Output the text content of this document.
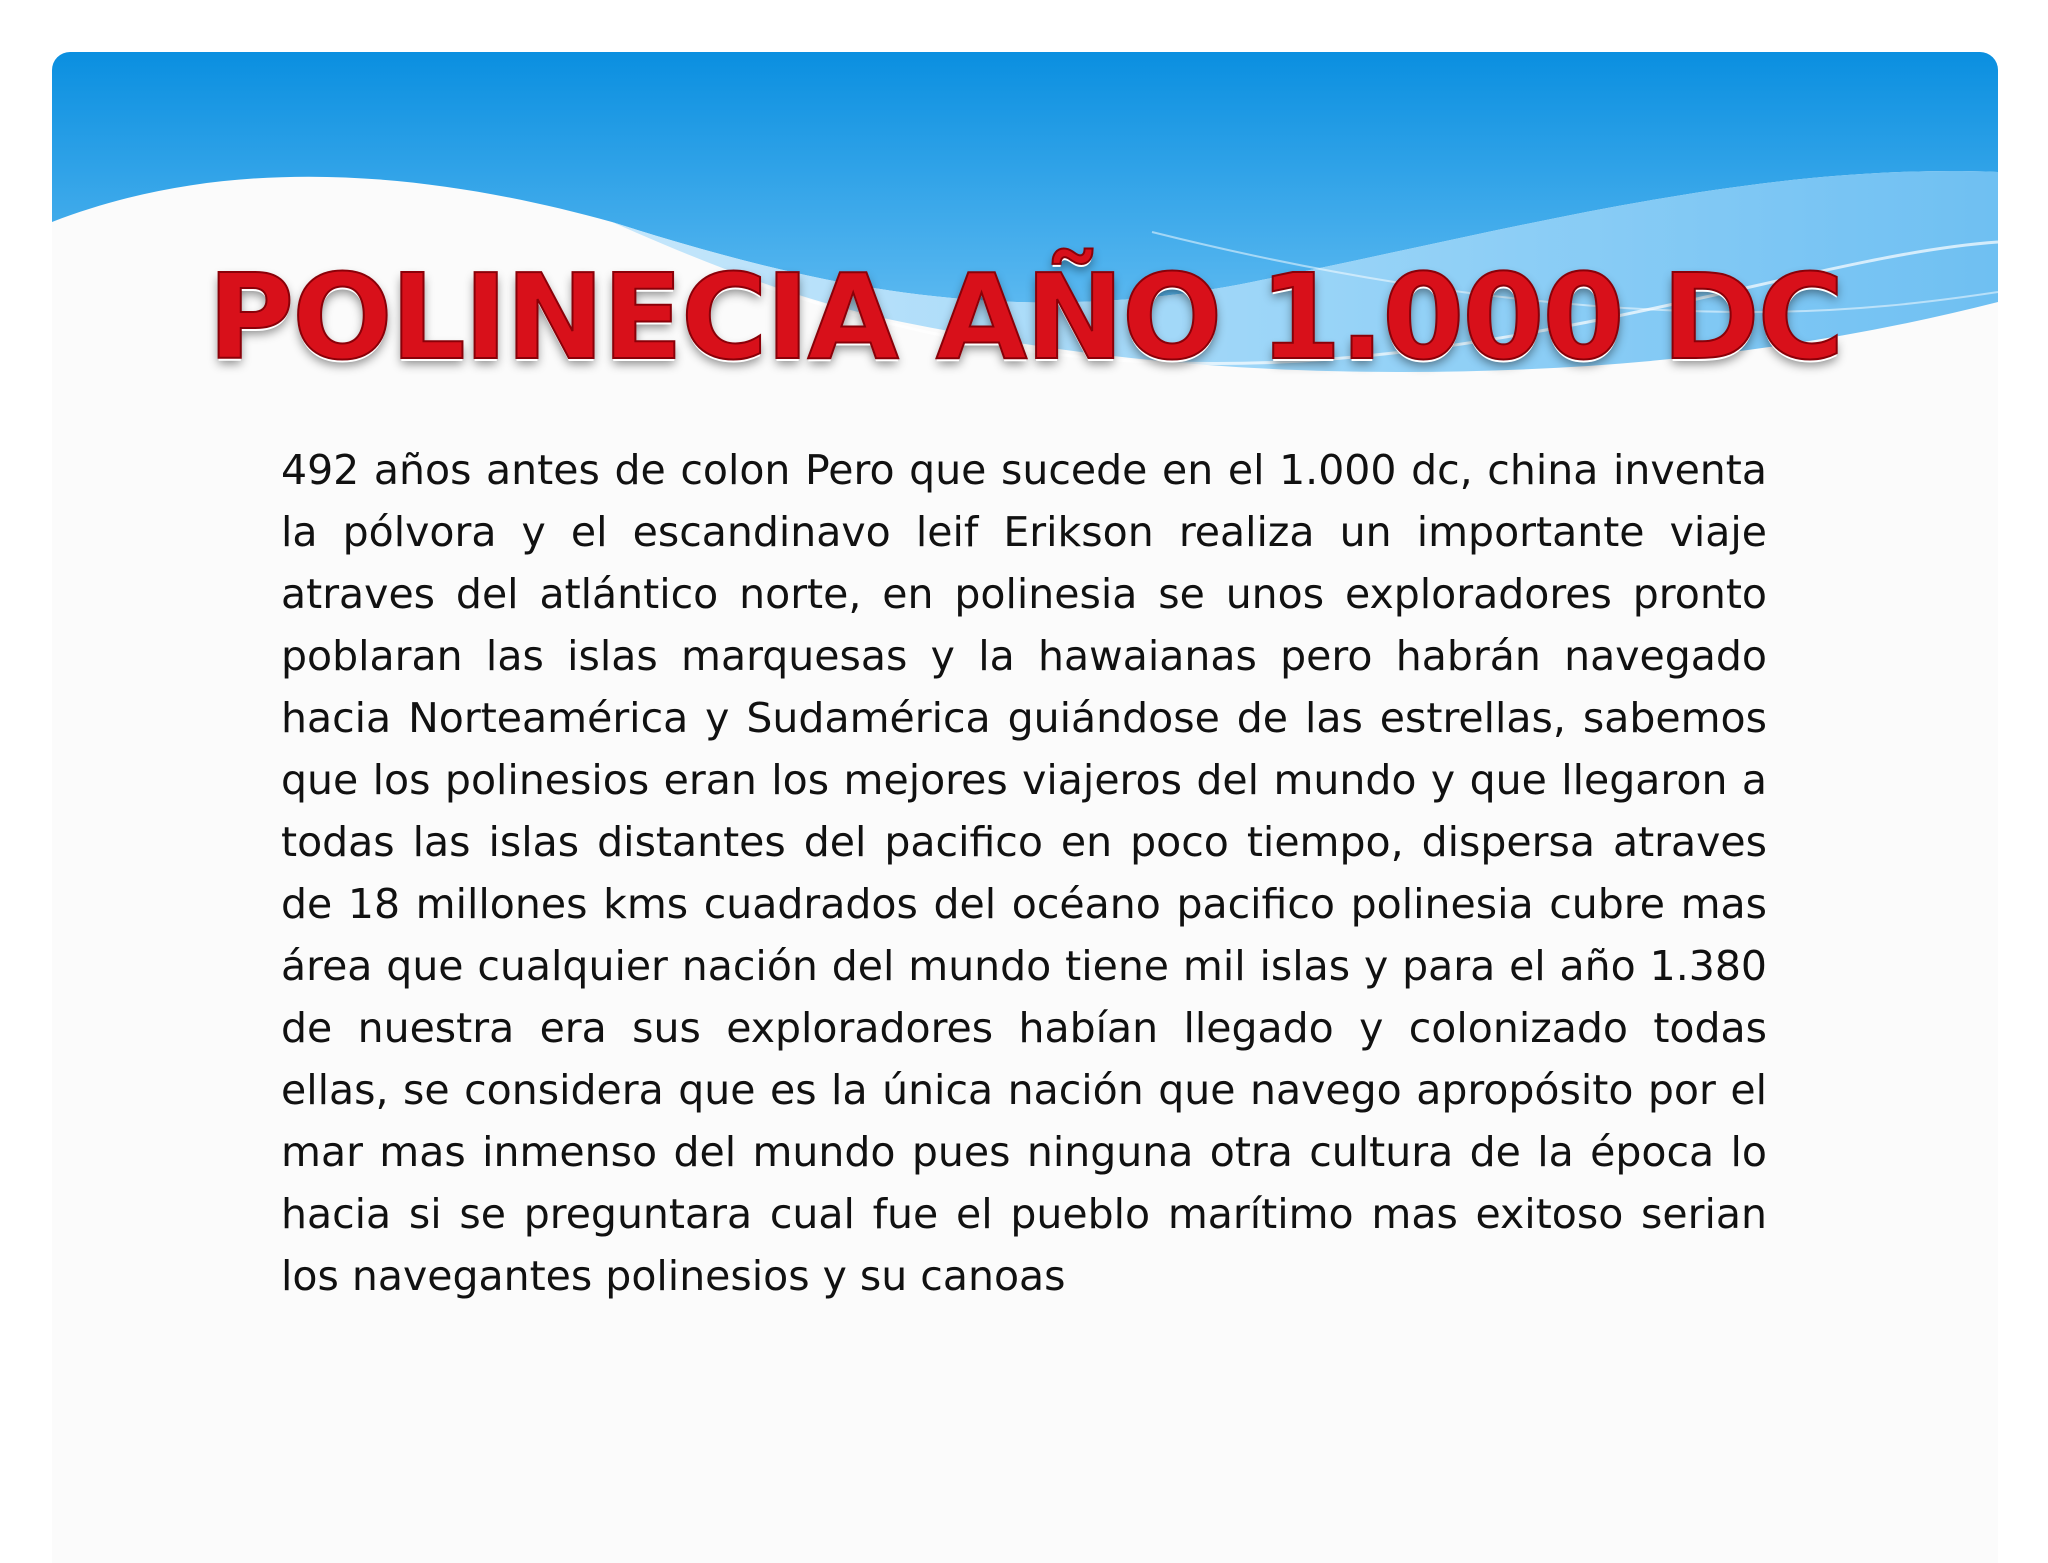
POLINECIA AÑO 1.000 DC

492 años antes de colon Pero que sucede en el 1.000 dc, china inventa la pólvora y el escandinavo leif Erikson realiza un importante viaje atraves del atlántico norte, en polinesia se unos exploradores pronto poblaran las islas marquesas y la hawaianas pero habrán navegado hacia Norteamérica y Sudamérica guiándose de las estrellas, sabemos que los polinesios eran los mejores viajeros del mundo y que llegaron a todas las islas distantes del pacifico en poco tiempo, dispersa atraves de 18 millones kms cuadrados del océano pacifico polinesia cubre mas área que cualquier nación del mundo tiene mil islas y para el año 1.380 de nuestra era sus exploradores habían llegado y colonizado todas ellas, se considera que es la única nación que navego apropósito por el mar mas inmenso del mundo pues ninguna otra cultura de la época lo hacia si se preguntara cual fue el pueblo marítimo mas exitoso serian los navegantes polinesios y su canoas
